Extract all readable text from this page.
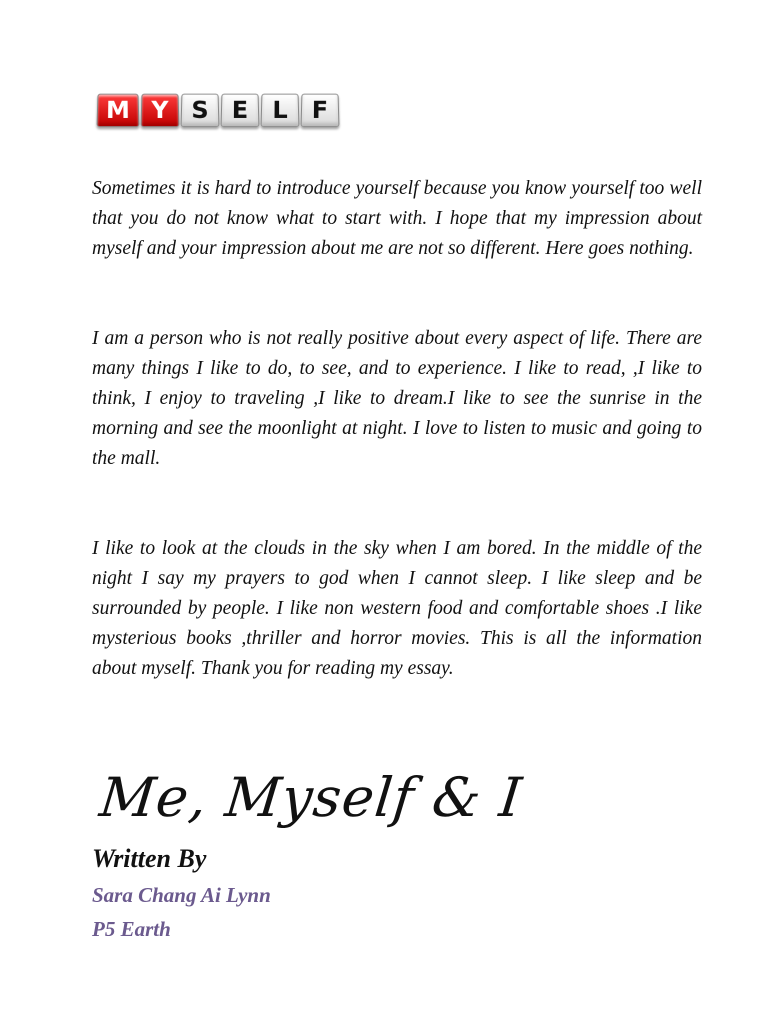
M Y S E L F

Sometimes it is hard to introduce yourself because you know yourself too well that you do not know what to start with. I hope that my impression about myself and your impression about me are not so different. Here goes nothing.

I am a person who is not really positive about every aspect of life. There are many things I like to do, to see, and to experience. I like to read, ,I like to think, I enjoy to traveling ,I like to dream.I like to see the sunrise in the morning and see the moonlight at night. I love to listen to music and going to the mall.

I like to look at the clouds in the sky when I am bored. In the middle of the night I say my prayers to god when I cannot sleep. I like sleep and be surrounded by people. I like non western food and comfortable shoes .I like mysterious books ,thriller and horror movies. This is all the information about myself. Thank you for reading my essay.

Me, Myself & I
Written By
Sara Chang Ai Lynn
P5 Earth
